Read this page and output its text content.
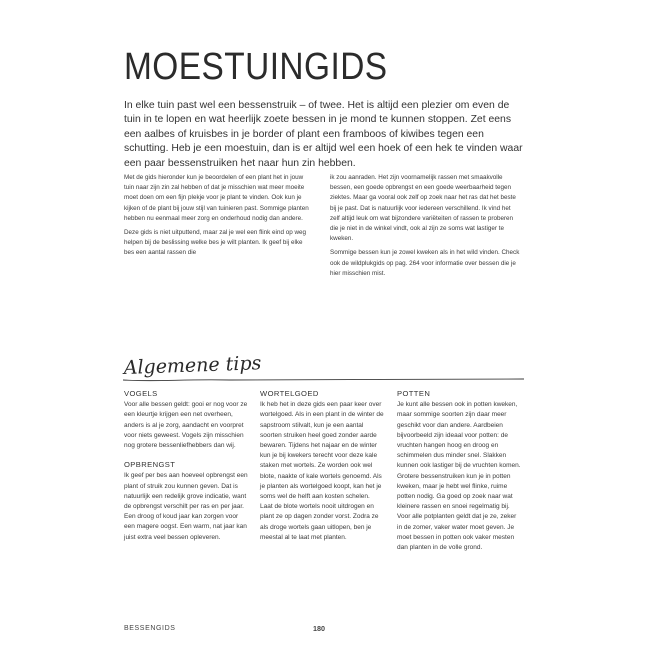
MOESTUINGIDS

In elke tuin past wel een bessenstruik – of twee. Het is altijd een plezier om even de tuin in te lopen en wat heerlijk zoete bessen in je mond te kunnen stoppen. Zet eens een aalbes of kruisbes in je border of plant een framboos of kiwibes tegen een schutting. Heb je een moestuin, dan is er altijd wel een hoek of een hek te vinden waar een paar bessenstruiken het naar hun zin hebben.

Met de gids hieronder kun je beoordelen of een plant het in jouw tuin naar zijn zin zal hebben of dat je misschien wat meer moeite moet doen om een fijn plekje voor je plant te vinden. Ook kun je kijken of de plant bij jouw stijl van tuinieren past. Sommige planten hebben nu eenmaal meer zorg en onderhoud nodig dan andere.

Deze gids is niet uitputtend, maar zal je wel een flink eind op weg helpen bij de beslissing welke bes je wilt planten. Ik geef bij elke bes een aantal rassen die

ik zou aanraden. Het zijn voornamelijk rassen met smaakvolle bessen, een goede opbrengst en een goede weerbaarheid tegen ziektes. Maar ga vooral ook zelf op zoek naar het ras dat het beste bij je past. Dat is natuurlijk voor iedereen verschillend. Ik vind het zelf altijd leuk om wat bijzondere variëteiten of rassen te proberen die je niet in de winkel vindt, ook al zijn ze soms wat lastiger te kweken.

Sommige bessen kun je zowel kweken als in het wild vinden. Check ook de wildplukgids op pag. 264 voor informatie over bessen die je hier misschien mist.

Algemene tips
VOGELS

Voor alle bessen geldt: gooi er nog voor ze een kleurtje krijgen een net overheen, anders is al je zorg, aandacht en voorpret voor niets geweest. Vogels zijn misschien nog grotere bessenliefhebbers dan wij.

OPBRENGST

Ik geef per bes aan hoeveel opbrengst een plant of struik zou kunnen geven. Dat is natuurlijk een redelijk grove indicatie, want de opbrengst verschilt per ras en per jaar. Een droog of koud jaar kan zorgen voor een magere oogst. Een warm, nat jaar kan juist extra veel bessen opleveren.

WORTELGOED

Ik heb het in deze gids een paar keer over wortelgoed. Als in een plant in de winter de sapstroom stilvalt, kun je een aantal soorten struiken heel goed zonder aarde bewaren. Tijdens het najaar en de winter kun je bij kwekers terecht voor deze kale staken met wortels. Ze worden ook wel blote, naakte of kale wortels genoemd. Als je planten als wortelgoed koopt, kan het je soms wel de helft aan kosten schelen. Laat de blote wortels nooit uitdrogen en plant ze op dagen zonder vorst. Zodra ze als droge wortels gaan uitlopen, ben je meestal al te laat met planten.

POTTEN

Je kunt alle bessen ook in potten kweken, maar sommige soorten zijn daar meer geschikt voor dan andere. Aardbeien bijvoorbeeld zijn ideaal voor potten: de vruchten hangen hoog en droog en schimmelen dus minder snel. Slakken kunnen ook lastiger bij de vruchten komen. Grotere bessenstruiken kun je in potten kweken, maar je hebt wel flinke, ruime potten nodig. Ga goed op zoek naar wat kleinere rassen en snoei regelmatig bij. Voor alle potplanten geldt dat je ze, zeker in de zomer, vaker water moet geven. Je moet bessen in potten ook vaker mesten dan planten in de volle grond.

BESSENGIDS	180
